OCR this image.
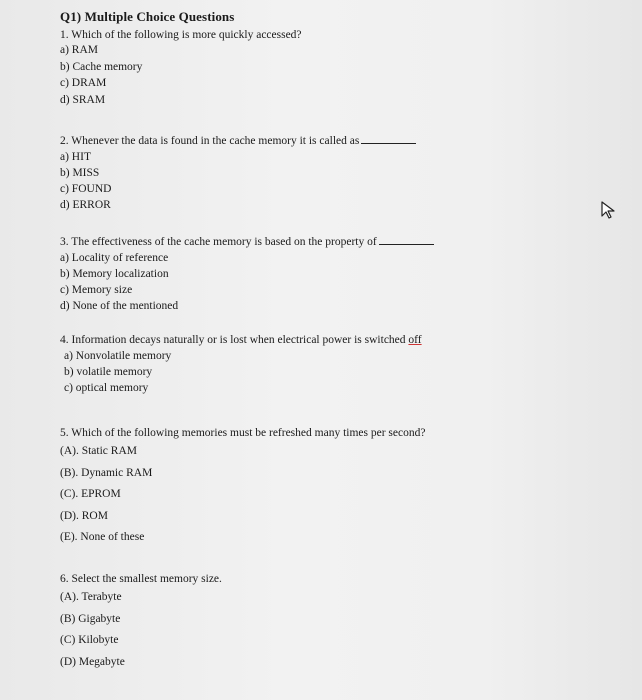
Q1) Multiple Choice Questions
1. Which of the following is more quickly accessed?
a) RAM
b) Cache memory
c) DRAM
d) SRAM
2. Whenever the data is found in the cache memory it is called as
a) HIT
b) MISS
c) FOUND
d) ERROR
3. The effectiveness of the cache memory is based on the property of
a) Locality of reference
b) Memory localization
c) Memory size
d) None of the mentioned
4. Information decays naturally or is lost when electrical power is switched off
a) Nonvolatile memory
b) volatile memory
c) optical memory
5. Which of the following memories must be refreshed many times per second?
(A). Static RAM
(B). Dynamic RAM
(C). EPROM
(D). ROM
(E). None of these
6. Select the smallest memory size.
(A). Terabyte
(B) Gigabyte
(C) Kilobyte
(D) Megabyte
